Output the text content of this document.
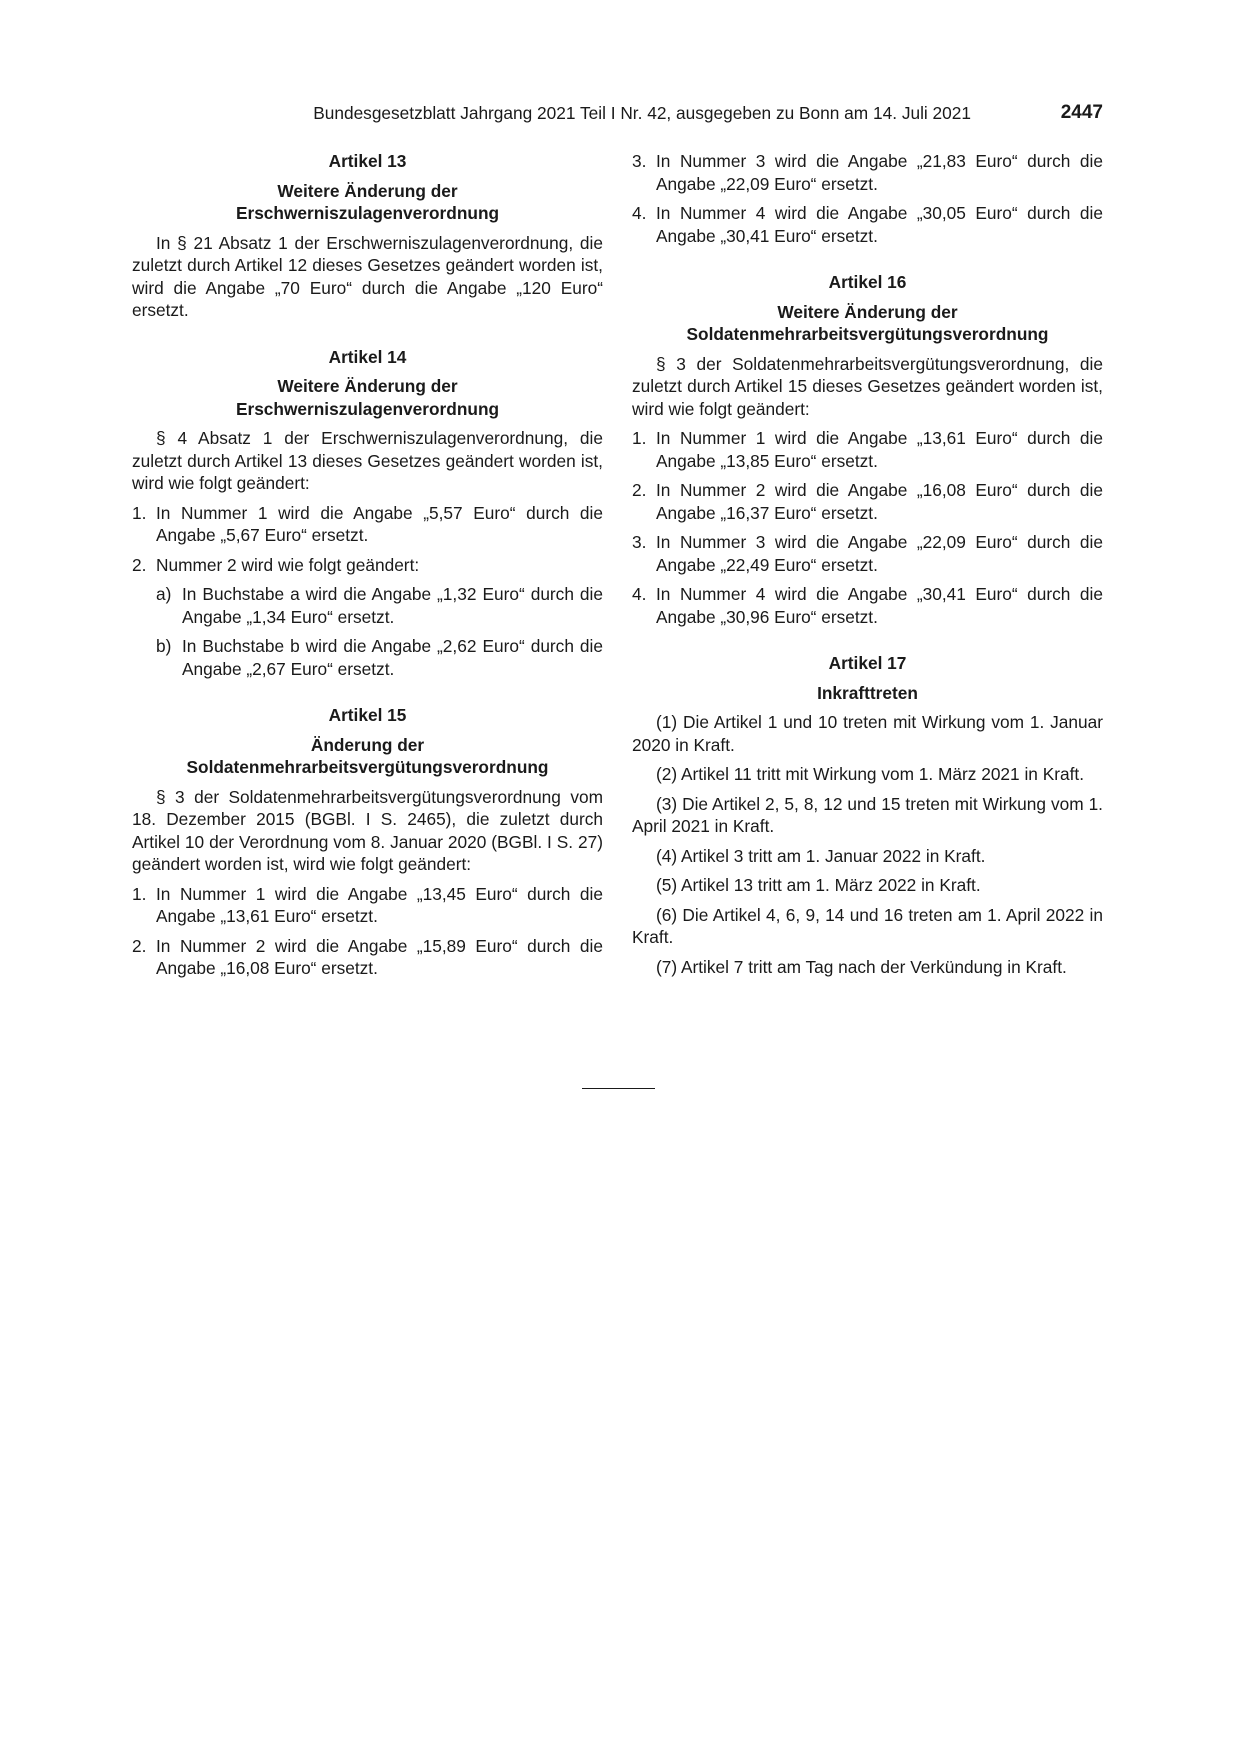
Bundesgesetzblatt Jahrgang 2021 Teil I Nr. 42, ausgegeben zu Bonn am 14. Juli 2021	2447
Artikel 13
Weitere Änderung der
Erschwerniszulagenverordnung

In § 21 Absatz 1 der Erschwerniszulagenverordnung, die zuletzt durch Artikel 12 dieses Gesetzes geändert worden ist, wird die Angabe „70 Euro“ durch die Angabe „120 Euro“ ersetzt.

Artikel 14
Weitere Änderung der
Erschwerniszulagenverordnung

§ 4 Absatz 1 der Erschwerniszulagenverordnung, die zuletzt durch Artikel 13 dieses Gesetzes geändert worden ist, wird wie folgt geändert:

1. In Nummer 1 wird die Angabe „5,57 Euro“ durch die Angabe „5,67 Euro“ ersetzt.
2. Nummer 2 wird wie folgt geändert:
a) In Buchstabe a wird die Angabe „1,32 Euro“ durch die Angabe „1,34 Euro“ ersetzt.
b) In Buchstabe b wird die Angabe „2,62 Euro“ durch die Angabe „2,67 Euro“ ersetzt.
Artikel 15
Änderung der
Soldatenmehrarbeitsvergütungsverordnung

§ 3 der Soldatenmehrarbeitsvergütungsverordnung vom 18. Dezember 2015 (BGBl. I S. 2465), die zuletzt durch Artikel 10 der Verordnung vom 8. Januar 2020 (BGBl. I S. 27) geändert worden ist, wird wie folgt geändert:

1. In Nummer 1 wird die Angabe „13,45 Euro“ durch die Angabe „13,61 Euro“ ersetzt.
2. In Nummer 2 wird die Angabe „15,89 Euro“ durch die Angabe „16,08 Euro“ ersetzt.
3. In Nummer 3 wird die Angabe „21,83 Euro“ durch die Angabe „22,09 Euro“ ersetzt.
4. In Nummer 4 wird die Angabe „30,05 Euro“ durch die Angabe „30,41 Euro“ ersetzt.
Artikel 16
Weitere Änderung der
Soldatenmehrarbeitsvergütungsverordnung

§ 3 der Soldatenmehrarbeitsvergütungsverordnung, die zuletzt durch Artikel 15 dieses Gesetzes geändert worden ist, wird wie folgt geändert:

1. In Nummer 1 wird die Angabe „13,61 Euro“ durch die Angabe „13,85 Euro“ ersetzt.
2. In Nummer 2 wird die Angabe „16,08 Euro“ durch die Angabe „16,37 Euro“ ersetzt.
3. In Nummer 3 wird die Angabe „22,09 Euro“ durch die Angabe „22,49 Euro“ ersetzt.
4. In Nummer 4 wird die Angabe „30,41 Euro“ durch die Angabe „30,96 Euro“ ersetzt.
Artikel 17
Inkrafttreten

(1) Die Artikel 1 und 10 treten mit Wirkung vom 1. Januar 2020 in Kraft.

(2) Artikel 11 tritt mit Wirkung vom 1. März 2021 in Kraft.

(3) Die Artikel 2, 5, 8, 12 und 15 treten mit Wirkung vom 1. April 2021 in Kraft.

(4) Artikel 3 tritt am 1. Januar 2022 in Kraft.

(5) Artikel 13 tritt am 1. März 2022 in Kraft.

(6) Die Artikel 4, 6, 9, 14 und 16 treten am 1. April 2022 in Kraft.

(7) Artikel 7 tritt am Tag nach der Verkündung in Kraft.
